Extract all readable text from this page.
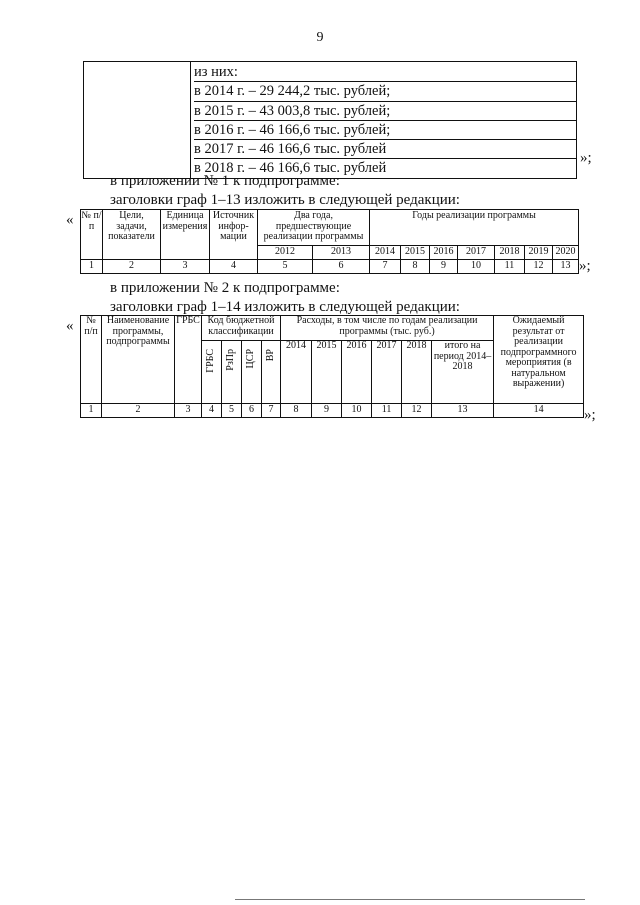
9

из них:
в 2014 г. – 29 244,2 тыс. рублей;
в 2015 г. – 43 003,8 тыс. рублей;
в 2016 г. – 46 166,6 тыс. рублей;
в 2017 г. – 46 166,6 тыс. рублей
в 2018 г. – 46 166,6 тыс. рублей
»;
в приложении № 1 к подпрограмме:
заголовки граф 1–13 изложить в следующей редакции:
« № п/п	Цели, задачи, показатели	Единица измерения	Источник инфор-мации	Два года, предшествующие реализации программы		Годы реализации программы						
				2012	2013	2014	2015	2016	2017	2018	2019	2020
1	2	3	4	5	6	7	8	9	10	11	12	13 »;
в приложении № 2 к подпрограмме:
заголовки граф 1–14 изложить в следующей редакции:
« № п/п	Наименование программы, подпрограммы	ГРБС	Код бюджетной классификации				Расходы, в том числе по годам реализации программы (тыс. руб.)						Ожидаемый результат от реализации подпрограммного мероприятия (в натуральном выражении)
			ГРБС	РзПр	ЦСР	ВР	2014	2015	2016	2017	2018	итого на период 2014–2018	
1	2	3	4	5	6	7	8	9	10	11	12	13	14	»;
